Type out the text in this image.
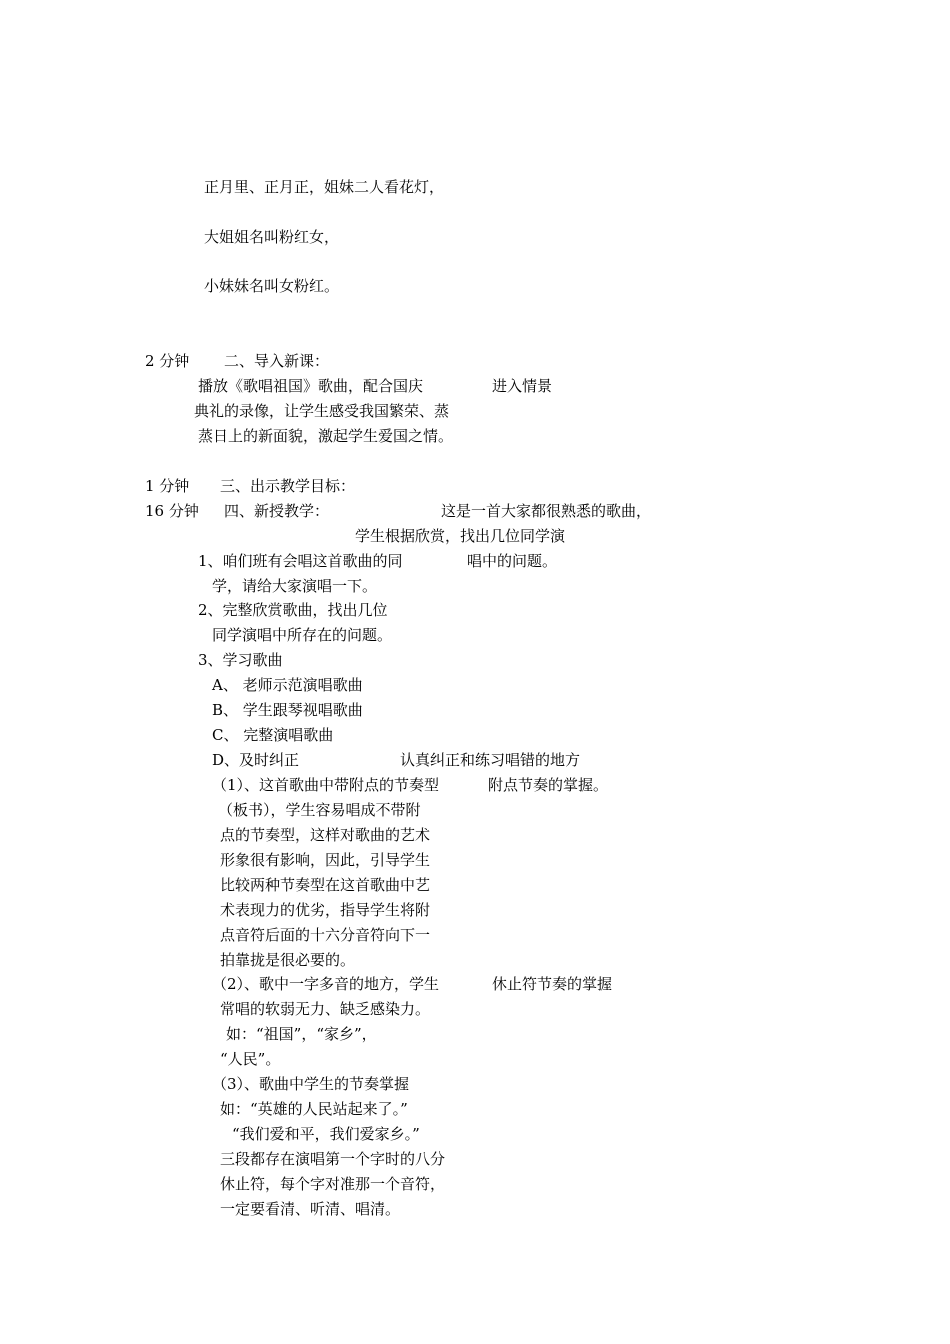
正月里、正月正，姐妹二人看花灯，
大姐姐名叫粉红女，
小妹妹名叫女粉红。
2 分钟 二、导入新课：
播放《歌唱祖国》歌曲，配合国庆	进入情景
典礼的录像，让学生感受我国繁荣、蒸
蒸日上的新面貌，激起学生爱国之情。
1 分钟 三、出示教学目标：
16 分钟 四、新授教学：	这是一首大家都很熟悉的歌曲，
学生根据欣赏，找出几位同学演
1、咱们班有会唱这首歌曲的同	唱中的问题。
学，请给大家演唱一下。
2、完整欣赏歌曲，找出几位
同学演唱中所存在的问题。
3、学习歌曲
A、 老师示范演唱歌曲
B、 学生跟琴视唱歌曲
C、 完整演唱歌曲
D、及时纠正	认真纠正和练习唱错的地方
（1）、这首歌曲中带附点的节奏型	附点节奏的掌握。
（板书），学生容易唱成不带附
点的节奏型，这样对歌曲的艺术
形象很有影响，因此，引导学生
比较两种节奏型在这首歌曲中艺
术表现力的优劣，指导学生将附
点音符后面的十六分音符向下一
拍靠拢是很必要的。
（2）、歌中一字多音的地方，学生	休止符节奏的掌握
常唱的软弱无力、缺乏感染力。
如：“祖国”，“家乡”，
“人民”。
（3）、歌曲中学生的节奏掌握
如：“英雄的人民站起来了。”
“我们爱和平，我们爱家乡。”
三段都存在演唱第一个字时的八分
休止符，每个字对准那一个音符，
一定要看清、听清、唱清。
